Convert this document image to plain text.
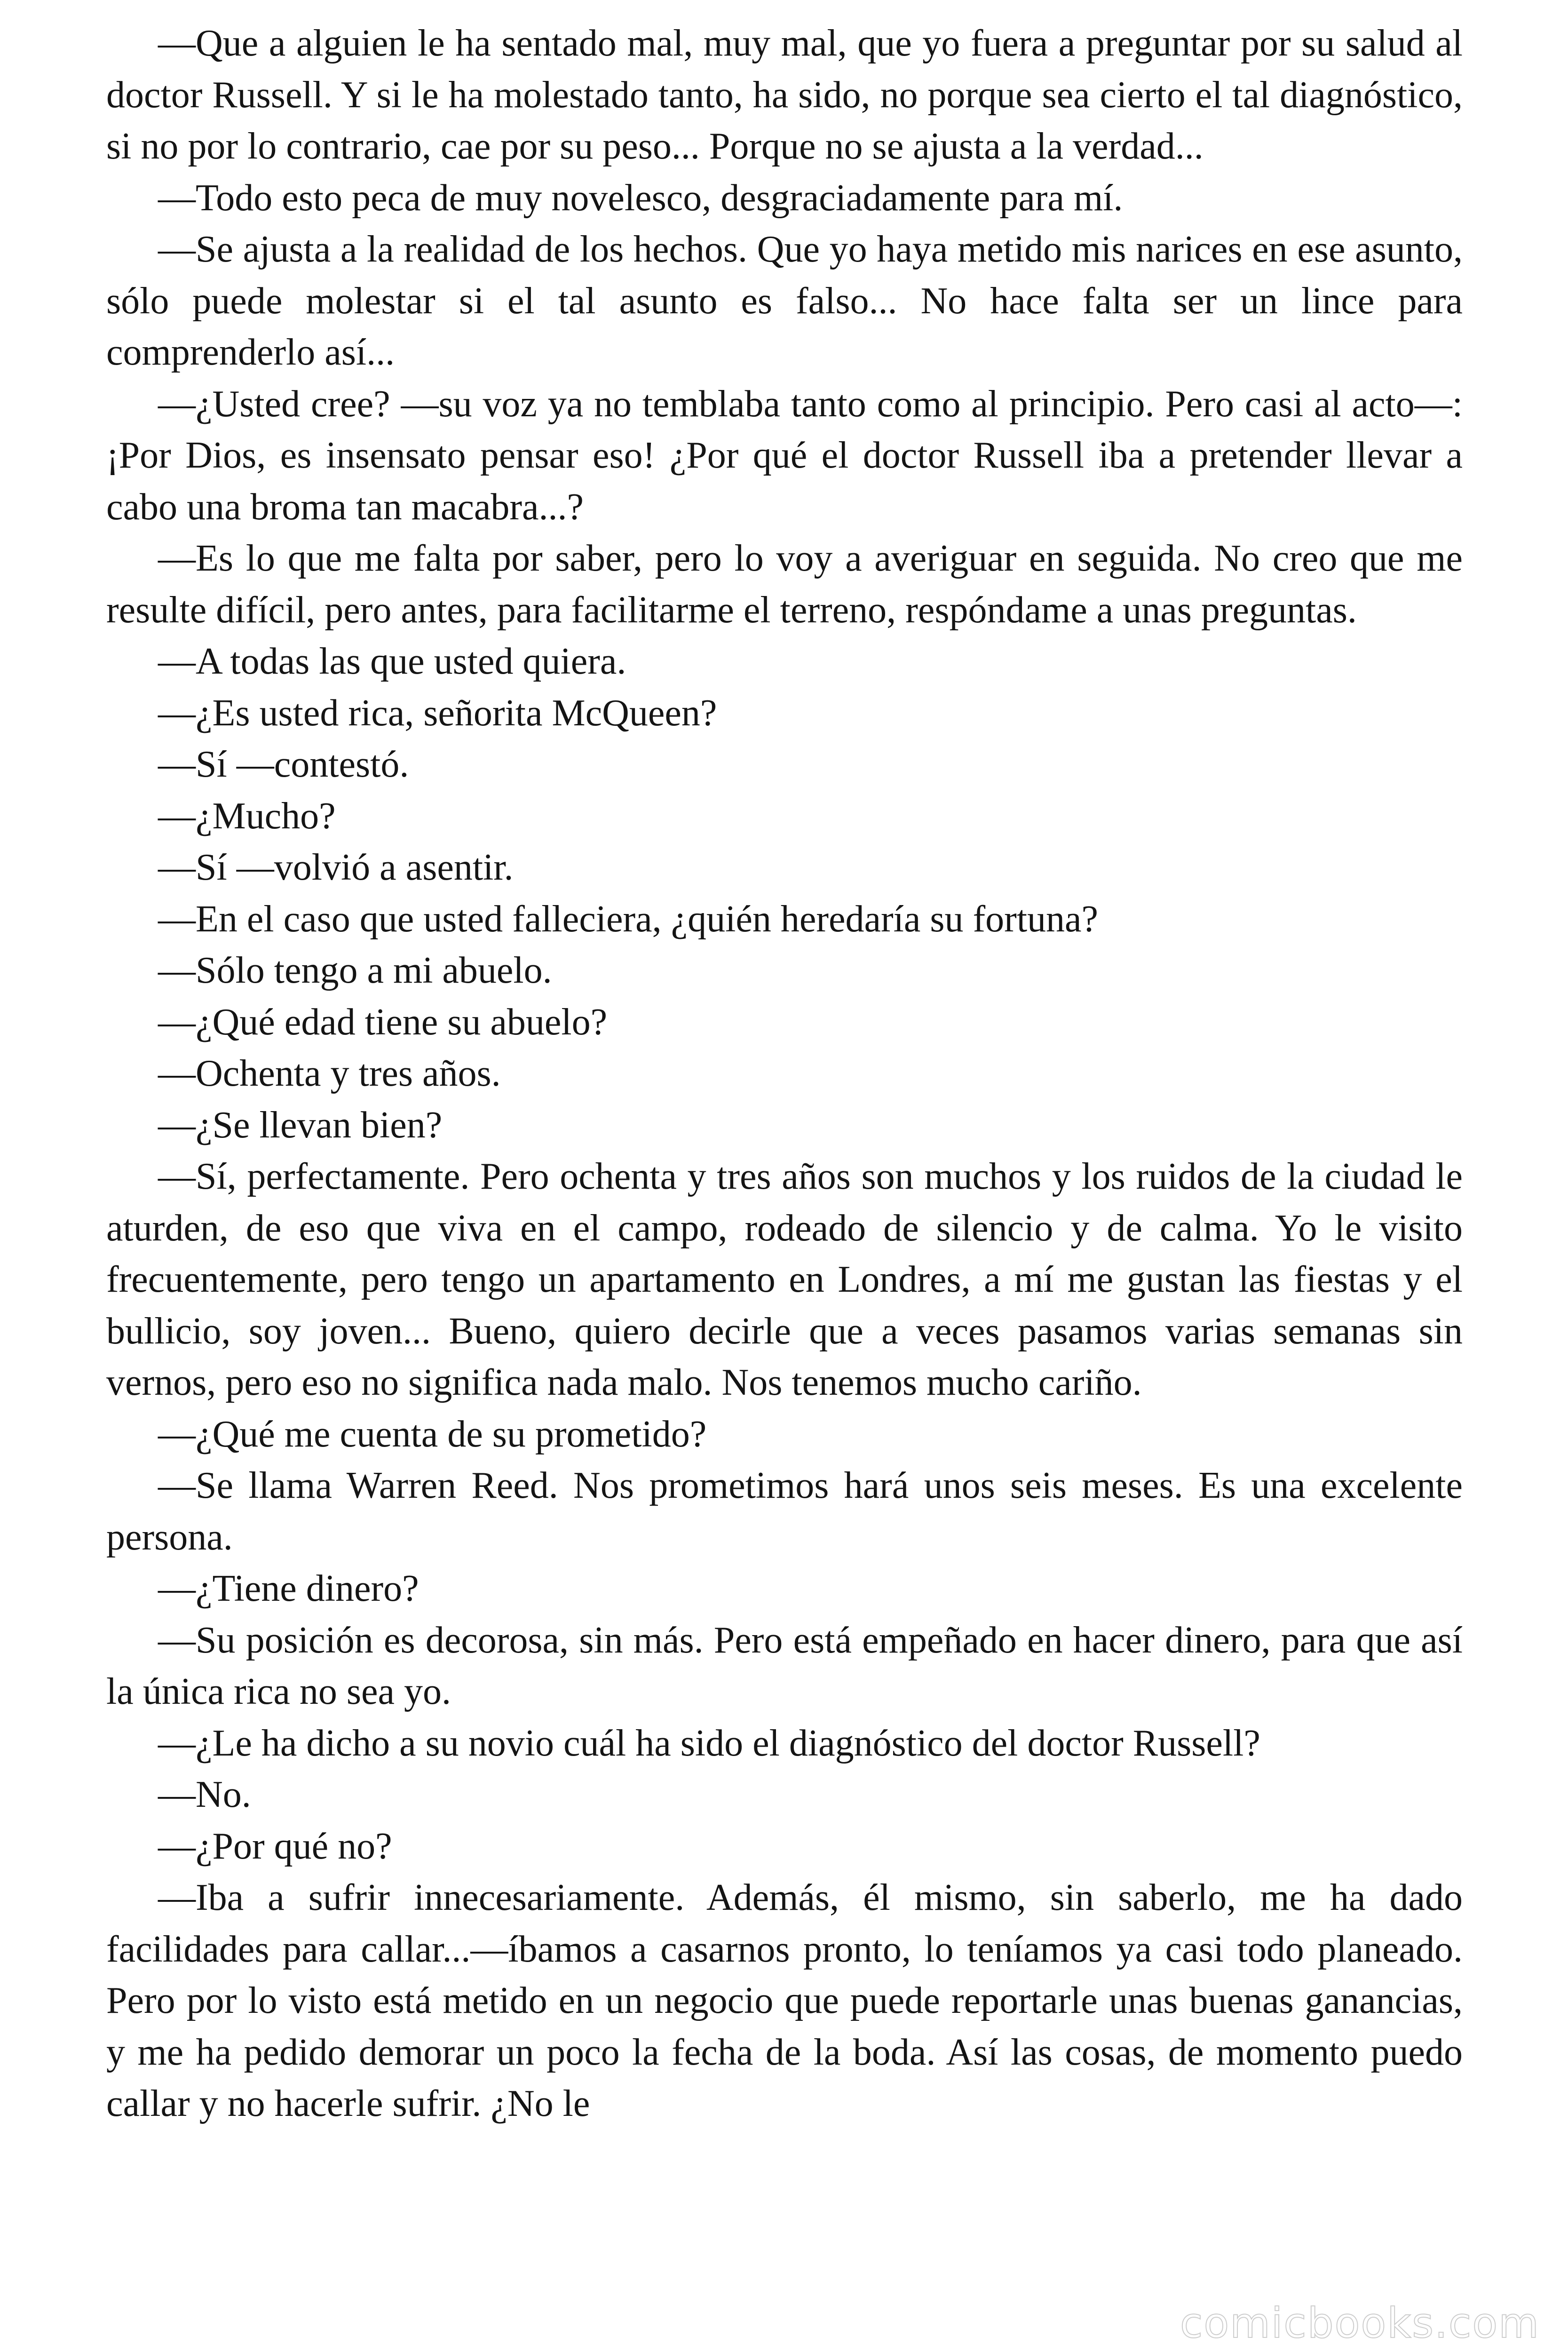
—Que a alguien le ha sentado mal, muy mal, que yo fuera a preguntar por su salud al doctor Russell. Y si le ha molestado tanto, ha sido, no porque sea cierto el tal diagnóstico, si no por lo contrario, cae por su peso... Porque no se ajusta a la verdad...

—Todo esto peca de muy novelesco, desgraciadamente para mí.

—Se ajusta a la realidad de los hechos. Que yo haya metido mis narices en ese asunto, sólo puede molestar si el tal asunto es falso... No hace falta ser un lince para comprenderlo así...

—¿Usted cree? —su voz ya no temblaba tanto como al principio. Pero casi al acto—: ¡Por Dios, es insensato pensar eso! ¿Por qué el doctor Russell iba a pretender llevar a cabo una broma tan macabra...?

—Es lo que me falta por saber, pero lo voy a averiguar en seguida. No creo que me resulte difícil, pero antes, para facilitarme el terreno, respóndame a unas preguntas.

—A todas las que usted quiera.

—¿Es usted rica, señorita McQueen?

—Sí —contestó.

—¿Mucho?

—Sí —volvió a asentir.

—En el caso que usted falleciera, ¿quién heredaría su fortuna?

—Sólo tengo a mi abuelo.

—¿Qué edad tiene su abuelo?

—Ochenta y tres años.

—¿Se llevan bien?

—Sí, perfectamente. Pero ochenta y tres años son muchos y los ruidos de la ciudad le aturden, de eso que viva en el campo, rodeado de silencio y de calma. Yo le visito frecuentemente, pero tengo un apartamento en Londres, a mí me gustan las fiestas y el bullicio, soy joven... Bueno, quiero decirle que a veces pasamos varias semanas sin vernos, pero eso no significa nada malo. Nos tenemos mucho cariño.

—¿Qué me cuenta de su prometido?

—Se llama Warren Reed. Nos prometimos hará unos seis meses. Es una excelente persona.

—¿Tiene dinero?

—Su posición es decorosa, sin más. Pero está empeñado en hacer dinero, para que así la única rica no sea yo.

—¿Le ha dicho a su novio cuál ha sido el diagnóstico del doctor Russell?

—No.

—¿Por qué no?

—Iba a sufrir innecesariamente. Además, él mismo, sin saberlo, me ha dado facilidades para callar...—íbamos a casarnos pronto, lo teníamos ya casi todo planeado. Pero por lo visto está metido en un negocio que puede reportarle unas buenas ganancias, y me ha pedido demorar un poco la fecha de la boda. Así las cosas, de momento puedo callar y no hacerle sufrir. ¿No le

comicbooks.com
